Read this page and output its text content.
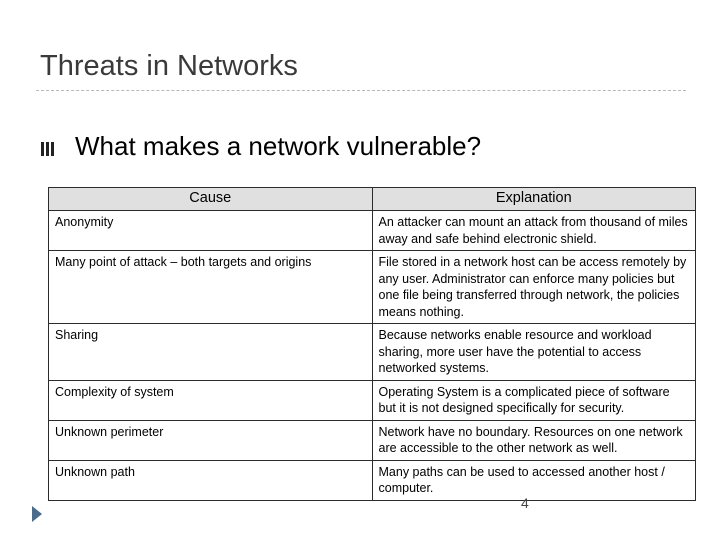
Threats in Networks
What makes a network vulnerable?
Cause	Explanation
Anonymity	An attacker can mount an attack from thousand of miles away and safe behind electronic shield.
Many point of attack – both targets and origins	File stored in a network host can be access remotely by any user. Administrator can enforce many policies but one file being transferred through network, the policies means nothing.
Sharing	Because networks enable resource and workload sharing, more user have the potential to access networked systems.
Complexity of system	Operating System is a complicated piece of software but it is not designed specifically for security.
Unknown perimeter	Network have no boundary. Resources on one network are accessible to the other network as well.
Unknown path	Many paths can be used to accessed another host / computer.
4
